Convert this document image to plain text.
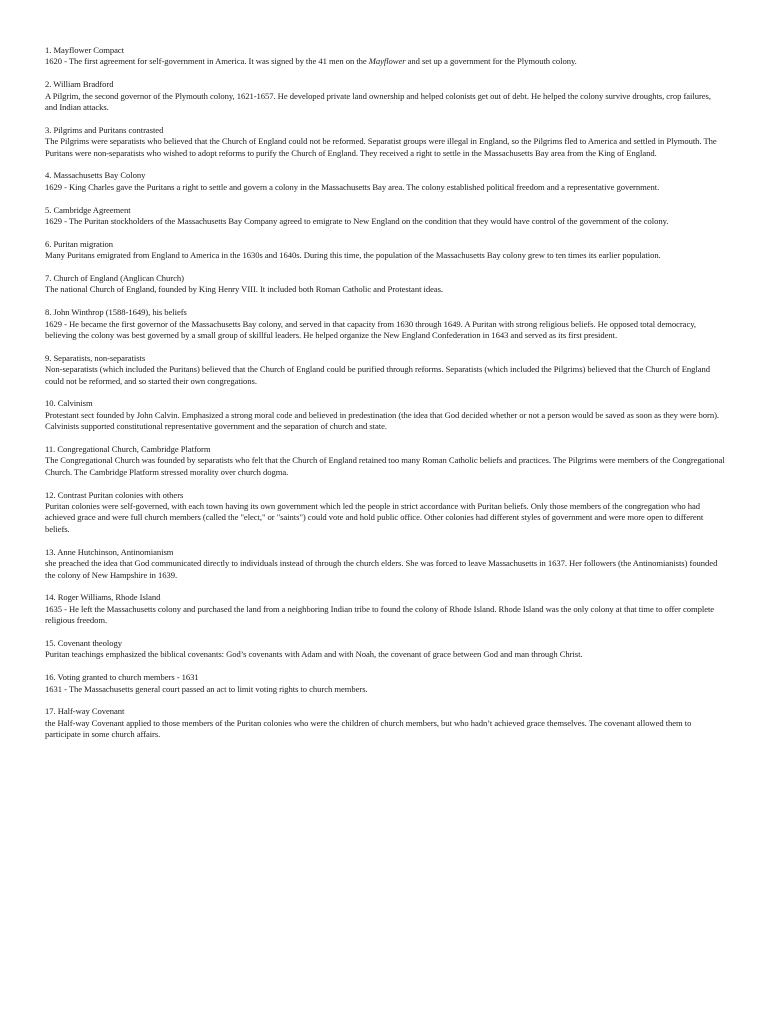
1. Mayflower Compact

1620 - The first agreement for self-government in America. It was signed by the 41 men on the Mayflower and set up a government for the Plymouth colony.

2. William Bradford

A Pilgrim, the second governor of the Plymouth colony, 1621-1657. He developed private land ownership and helped colonists get out of debt. He helped the colony survive droughts, crop failures, and Indian attacks.

3. Pilgrims and Puritans contrasted

The Pilgrims were separatists who believed that the Church of England could not be reformed. Separatist groups were illegal in England, so the Pilgrims fled to America and settled in Plymouth. The Puritans were non-separatists who wished to adopt reforms to purify the Church of England. They received a right to settle in the Massachusetts Bay area from the King of England.

4. Massachusetts Bay Colony

1629 - King Charles gave the Puritans a right to settle and govern a colony in the Massachusetts Bay area. The colony established political freedom and a representative government.

5. Cambridge Agreement

1629 - The Puritan stockholders of the Massachusetts Bay Company agreed to emigrate to New England on the condition that they would have control of the government of the colony.

6. Puritan migration

Many Puritans emigrated from England to America in the 1630s and 1640s. During this time, the population of the Massachusetts Bay colony grew to ten times its earlier population.

7. Church of England (Anglican Church)

The national Church of England, founded by King Henry VIII. It included both Roman Catholic and Protestant ideas.

8. John Winthrop (1588-1649), his beliefs

1629 - He became the first governor of the Massachusetts Bay colony, and served in that capacity from 1630 through 1649. A Puritan with strong religious beliefs. He opposed total democracy, believing the colony was best governed by a small group of skillful leaders. He helped organize the New England Confederation in 1643 and served as its first president.

9. Separatists, non-separatists

Non-separatists (which included the Puritans) believed that the Church of England could be purified through reforms. Separatists (which included the Pilgrims) believed that the Church of England could not be reformed, and so started their own congregations.

10. Calvinism

Protestant sect founded by John Calvin. Emphasized a strong moral code and believed in predestination (the idea that God decided whether or not a person would be saved as soon as they were born). Calvinists supported constitutional representative government and the separation of church and state.

11. Congregational Church, Cambridge Platform

The Congregational Church was founded by separatists who felt that the Church of England retained too many Roman Catholic beliefs and practices. The Pilgrims were members of the Congregational Church. The Cambridge Platform stressed morality over church dogma.

12. Contrast Puritan colonies with others

Puritan colonies were self-governed, with each town having its own government which led the people in strict accordance with Puritan beliefs. Only those members of the congregation who had achieved grace and were full church members (called the "elect," or "saints") could vote and hold public office. Other colonies had different styles of government and were more open to different beliefs.

13. Anne Hutchinson, Antinomianism

she preached the idea that God communicated directly to individuals instead of through the church elders. She was forced to leave Massachusetts in 1637. Her followers (the Antinomianists) founded the colony of New Hampshire in 1639.

14. Roger Williams, Rhode Island

1635 - He left the Massachusetts colony and purchased the land from a neighboring Indian tribe to found the colony of Rhode Island. Rhode Island was the only colony at that time to offer complete religious freedom.

15. Covenant theology

Puritan teachings emphasized the biblical covenants: God’s covenants with Adam and with Noah, the covenant of grace between God and man through Christ.

16. Voting granted to church members - 1631

1631 - The Massachusetts general court passed an act to limit voting rights to church members.

17. Half-way Covenant

the Half-way Covenant applied to those members of the Puritan colonies who were the children of church members, but who hadn’t achieved grace themselves. The covenant allowed them to participate in some church affairs.
